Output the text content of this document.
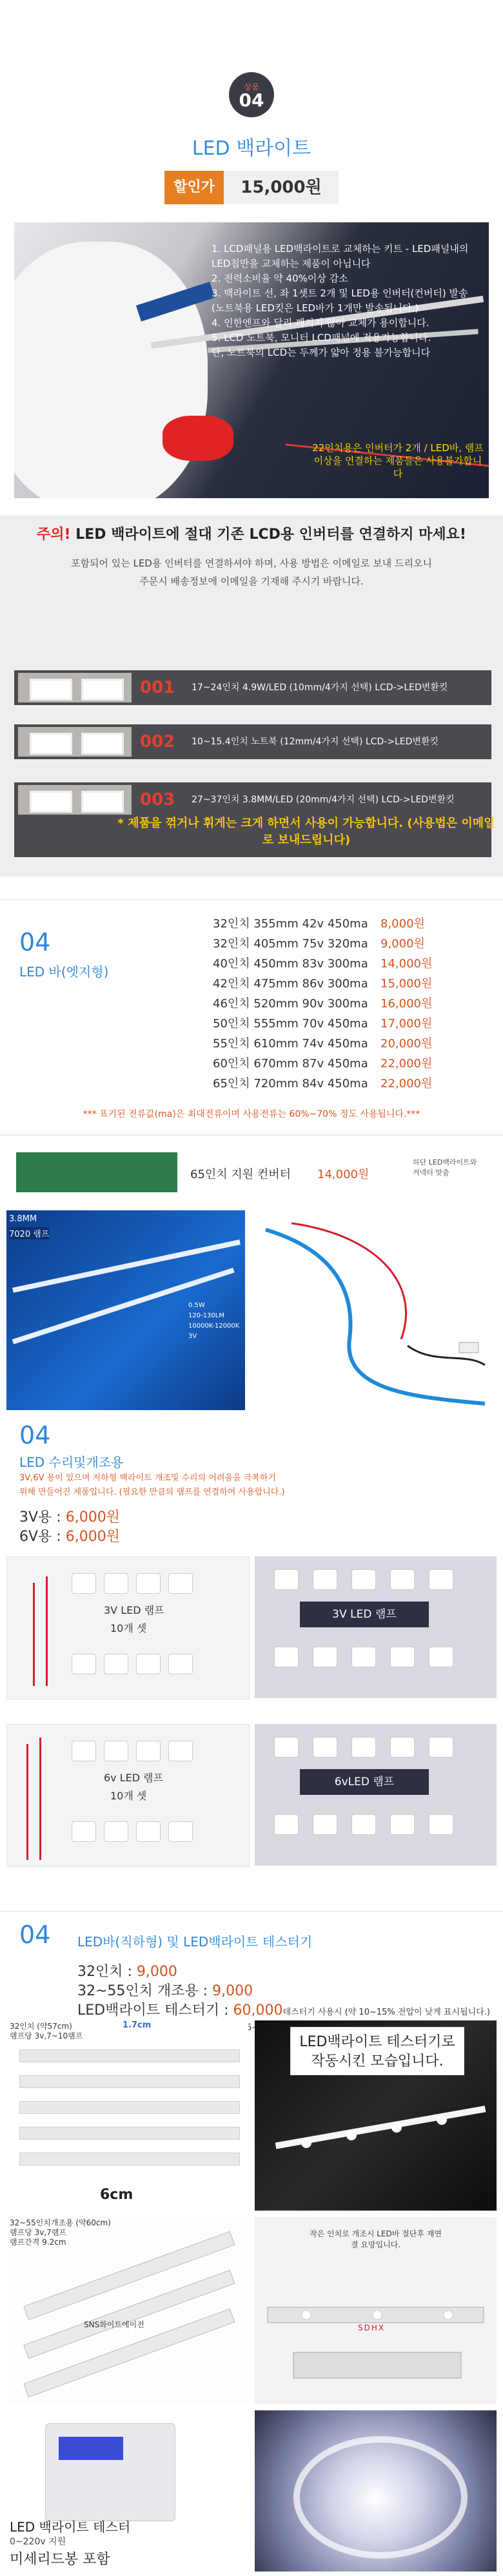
상품
04
LED 백라이트
할인가	15,000원
1. LCD패널용 LED백라이트로 교체하는 키트 - LED패널내의
LED칩만을 교체하는 제품이 아닙니다
2. 전력소비율 약 40%이상 감소
3. 백라이트 선, 좌 1셋트 2개 및 LED용 인버터(컨버터) 발송
(노트북용 LED킷은 LED바가 1개만 발송됩니다.)
4. 인한엔프와 달리 깨지지 않아 교체가 용이합니다.
5. LCD 노트북, 모니터 LCD패널에 적용가능합니다.
단, 노트북의 LCD는 두께가 얇아 정용 불가능합니다
22인치용은 인버터가 2개 / LED바, 램프 이상을 연결하는 제품들은 사용불가합니다
주의! LED 백라이트에 절대 기존 LCD용 인버터를 연결하지 마세요!
포함되어 있는 LED용 인버터를 연결하셔야 하며, 사용 방법은 이메일로 보내 드리오니
주문시 배송정보에 이메일을 기재해 주시기 바랍니다.
001 17~24인치 4.9W/LED (10mm/4가지 선택) LCD->LED변환킷
002 10~15.4인치 노트북 (12mm/4가지 선택) LCD->LED변환킷
003 27~37인치 3.8MM/LED (20mm/4가지 선택) LCD->LED변환킷
* 제품을 꺾거나 휘게는 크게 하면서 사용이 가능합니다. (사용법은 이메일로 보내드립니다)
04
LED 바(엣지형)
32인치 355mm 42v 450ma 8,000원
32인치 405mm 75v 320ma 9,000원
40인치 450mm 83v 300ma 14,000원
42인치 475mm 86v 300ma 15,000원
46인치 520mm 90v 300ma 16,000원
50인치 555mm 70v 450ma 17,000원
55인치 610mm 74v 450ma 20,000원
60인치 670mm 87v 450ma 22,000원
65인치 720mm 84v 450ma 22,000원
*** 표기된 전류값(ma)은 최대전류이며 사용전류는 60%~70% 정도 사용됩니다.***
65인치 지원 컨버터 14,000원
하단 LED백라이트와
커넥터 맞춤
3.8MM
7020 램프
0.5W
120-130LM
10000K-12000K
3V
04
LED 수리및개조용
3V,6V 용이 있으며 저하형 백라이트 개조및 수리의 어려움을 극복하기
위해 만들어진 제품입니다. (필요한 만큼의 램프를 연결하여 사용합니다.)
3V용 : 6,000원
6V용 : 6,000원
3V LED 램프
10개 셋
3V LED 램프
6v LED 램프
10개 셋
6vLED 램프
04 LED바(직하형) 및 LED백라이트 테스터기
32인치 : 9,000
32~55인치 개조용 : 9,000
LED백라이트 테스터기 : 60,000테스터기 사용시 (약 10~15% 전압이 낮게 표시됩니다.)
32인치 (약57cm)
램프당 3v,7~10램프
1.7cm
6cm
LED백라이트 테스터기로 작동시킨 모습입니다.
32~55인치개조용 (약60cm)
램프당 3v,7램프
램프간격 9.2cm
SNS화이트에이전
작은 인치로 개조시 LED바 절단후 재연결 요망입니다.
SDHX
LED 백라이트 테스터
0~220v 지원
미세리드봉 포함
